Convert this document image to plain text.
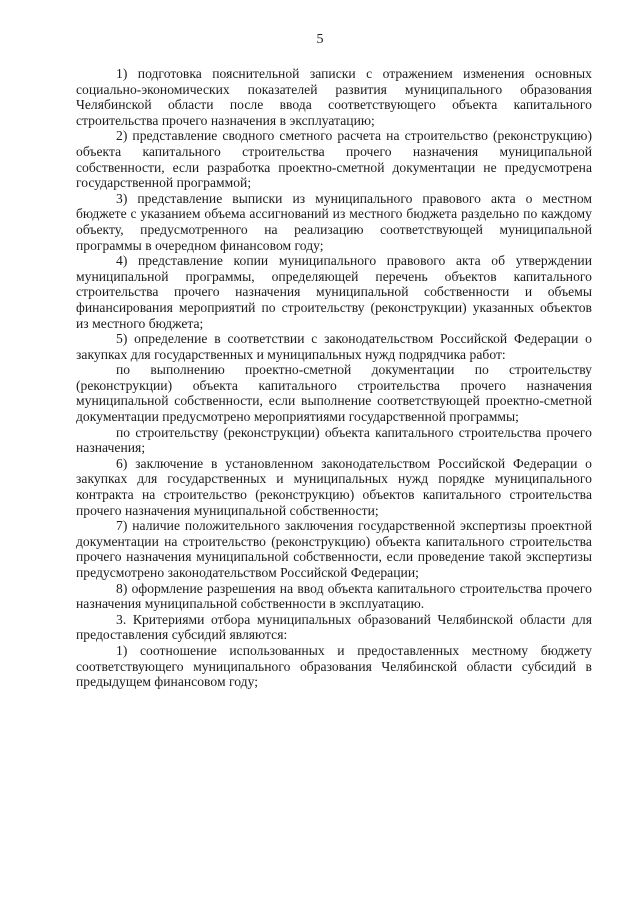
5

1) подготовка пояснительной записки с отражением изменения основных социально-экономических показателей развития муниципального образования Челябинской области после ввода соответствующего объекта капитального строительства прочего назначения в эксплуатацию;

2) представление сводного сметного расчета на строительство (реконструкцию) объекта капитального строительства прочего назначения муниципальной собственности, если разработка проектно-сметной документации не предусмотрена государственной программой;

3) представление выписки из муниципального правового акта о местном бюджете с указанием объема ассигнований из местного бюджета раздельно по каждому объекту, предусмотренного на реализацию соответствующей муниципальной программы в очередном финансовом году;

4) представление копии муниципального правового акта об утверждении муниципальной программы, определяющей перечень объектов капитального строительства прочего назначения муниципальной собственности и объемы финансирования мероприятий по строительству (реконструкции) указанных объектов из местного бюджета;

5) определение в соответствии с законодательством Российской Федерации о закупках для государственных и муниципальных нужд подрядчика работ:

по выполнению проектно-сметной документации по строительству (реконструкции) объекта капитального строительства прочего назначения муниципальной собственности, если выполнение соответствующей проектно-сметной документации предусмотрено мероприятиями государственной программы;

по строительству (реконструкции) объекта капитального строительства прочего назначения;

6) заключение в установленном законодательством Российской Федерации о закупках для государственных и муниципальных нужд порядке муниципального контракта на строительство (реконструкцию) объектов капитального строительства прочего назначения муниципальной собственности;

7) наличие положительного заключения государственной экспертизы проектной документации на строительство (реконструкцию) объекта капитального строительства прочего назначения муниципальной собственности, если проведение такой экспертизы предусмотрено законодательством Российской Федерации;

8) оформление разрешения на ввод объекта капитального строительства прочего назначения муниципальной собственности в эксплуатацию.

3. Критериями отбора муниципальных образований Челябинской области для предоставления субсидий являются:

1) соотношение использованных и предоставленных местному бюджету соответствующего муниципального образования Челябинской области субсидий в предыдущем финансовом году;
